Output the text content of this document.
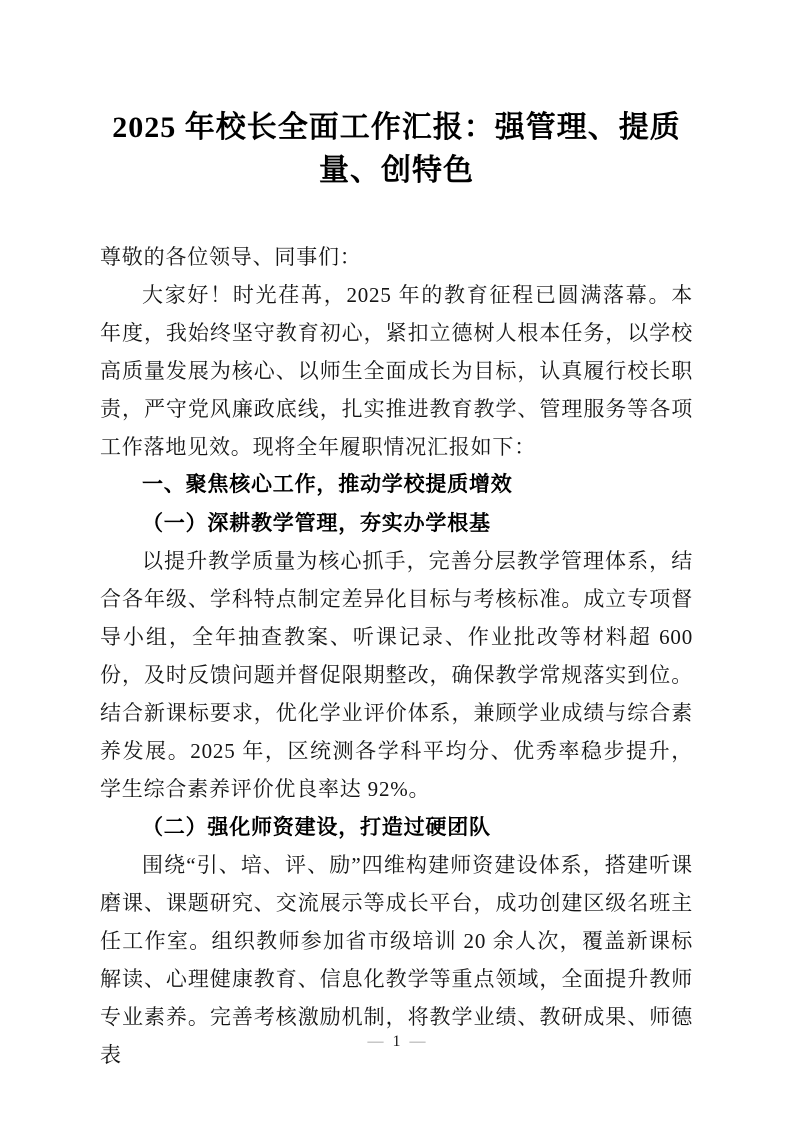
2025 年校长全面工作汇报：强管理、提质量、创特色

尊敬的各位领导、同事们：

大家好！时光荏苒，2025 年的教育征程已圆满落幕。本年度，我始终坚守教育初心，紧扣立德树人根本任务，以学校高质量发展为核心、以师生全面成长为目标，认真履行校长职责，严守党风廉政底线，扎实推进教育教学、管理服务等各项工作落地见效。现将全年履职情况汇报如下：

一、聚焦核心工作，推动学校提质增效

（一）深耕教学管理，夯实办学根基

以提升教学质量为核心抓手，完善分层教学管理体系，结合各年级、学科特点制定差异化目标与考核标准。成立专项督导小组，全年抽查教案、听课记录、作业批改等材料超 600 份，及时反馈问题并督促限期整改，确保教学常规落实到位。结合新课标要求，优化学业评价体系，兼顾学业成绩与综合素养发展。2025 年，区统测各学科平均分、优秀率稳步提升，学生综合素养评价优良率达 92%。

（二）强化师资建设，打造过硬团队

围绕“引、培、评、励”四维构建师资建设体系，搭建听课磨课、课题研究、交流展示等成长平台，成功创建区级名班主任工作室。组织教师参加省市级培训 20 余人次，覆盖新课标解读、心理健康教育、信息化教学等重点领域，全面提升教师专业素养。完善考核激励机制，将教学业绩、教研成果、师德表

— 1 —
